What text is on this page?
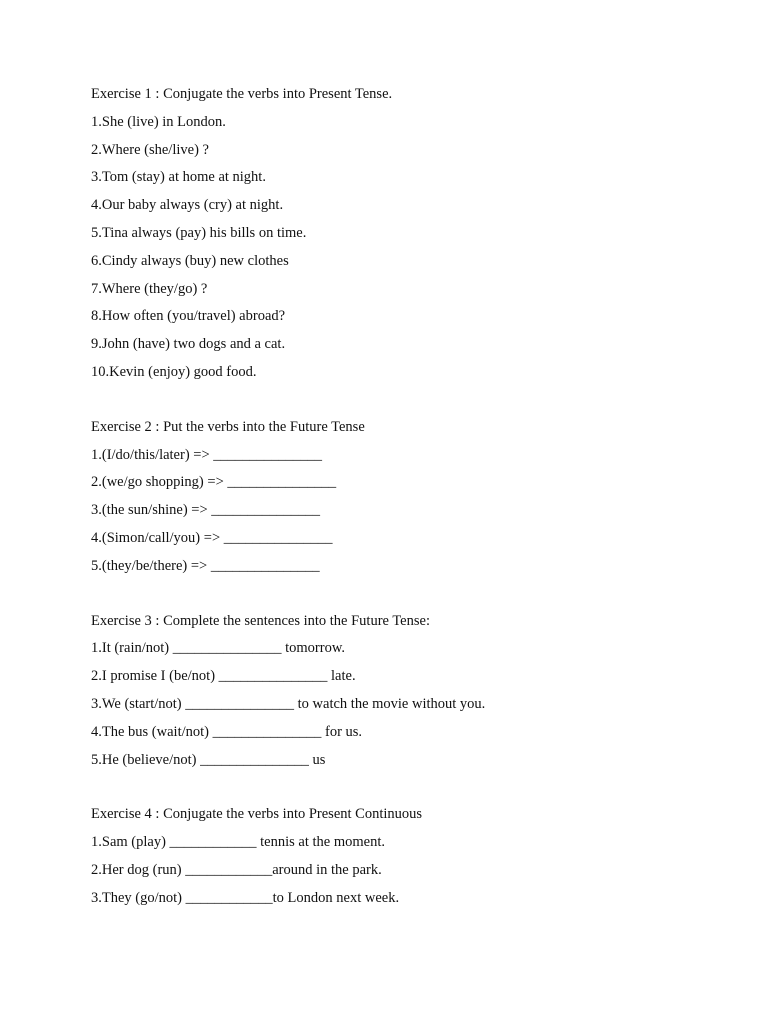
Exercise 1 : Conjugate the verbs into Present Tense.
1.She (live) in London.
2.Where (she/live) ?
3.Tom (stay) at home at night.
4.Our baby always (cry) at night.
5.Tina always (pay) his bills on time.
6.Cindy always (buy) new clothes
7.Where (they/go) ?
8.How often (you/travel) abroad?
9.John (have) two dogs and a cat.
10.Kevin (enjoy) good food.
Exercise 2 : Put the verbs into the Future Tense
1.(I/do/this/later) => _______________
2.(we/go shopping) => _______________
3.(the sun/shine) => _______________
4.(Simon/call/you) => _______________
5.(they/be/there) => _______________
Exercise 3 : Complete the sentences into the Future Tense:
1.It (rain/not) _______________ tomorrow.
2.I promise I (be/not) _______________ late.
3.We (start/not) _______________ to watch the movie without you.
4.The bus (wait/not) _______________ for us.
5.He (believe/not) _______________ us
Exercise 4 : Conjugate the verbs into Present Continuous
1.Sam (play) ____________ tennis at the moment.
2.Her dog (run) ____________around in the park.
3.They (go/not) ____________to London next week.
